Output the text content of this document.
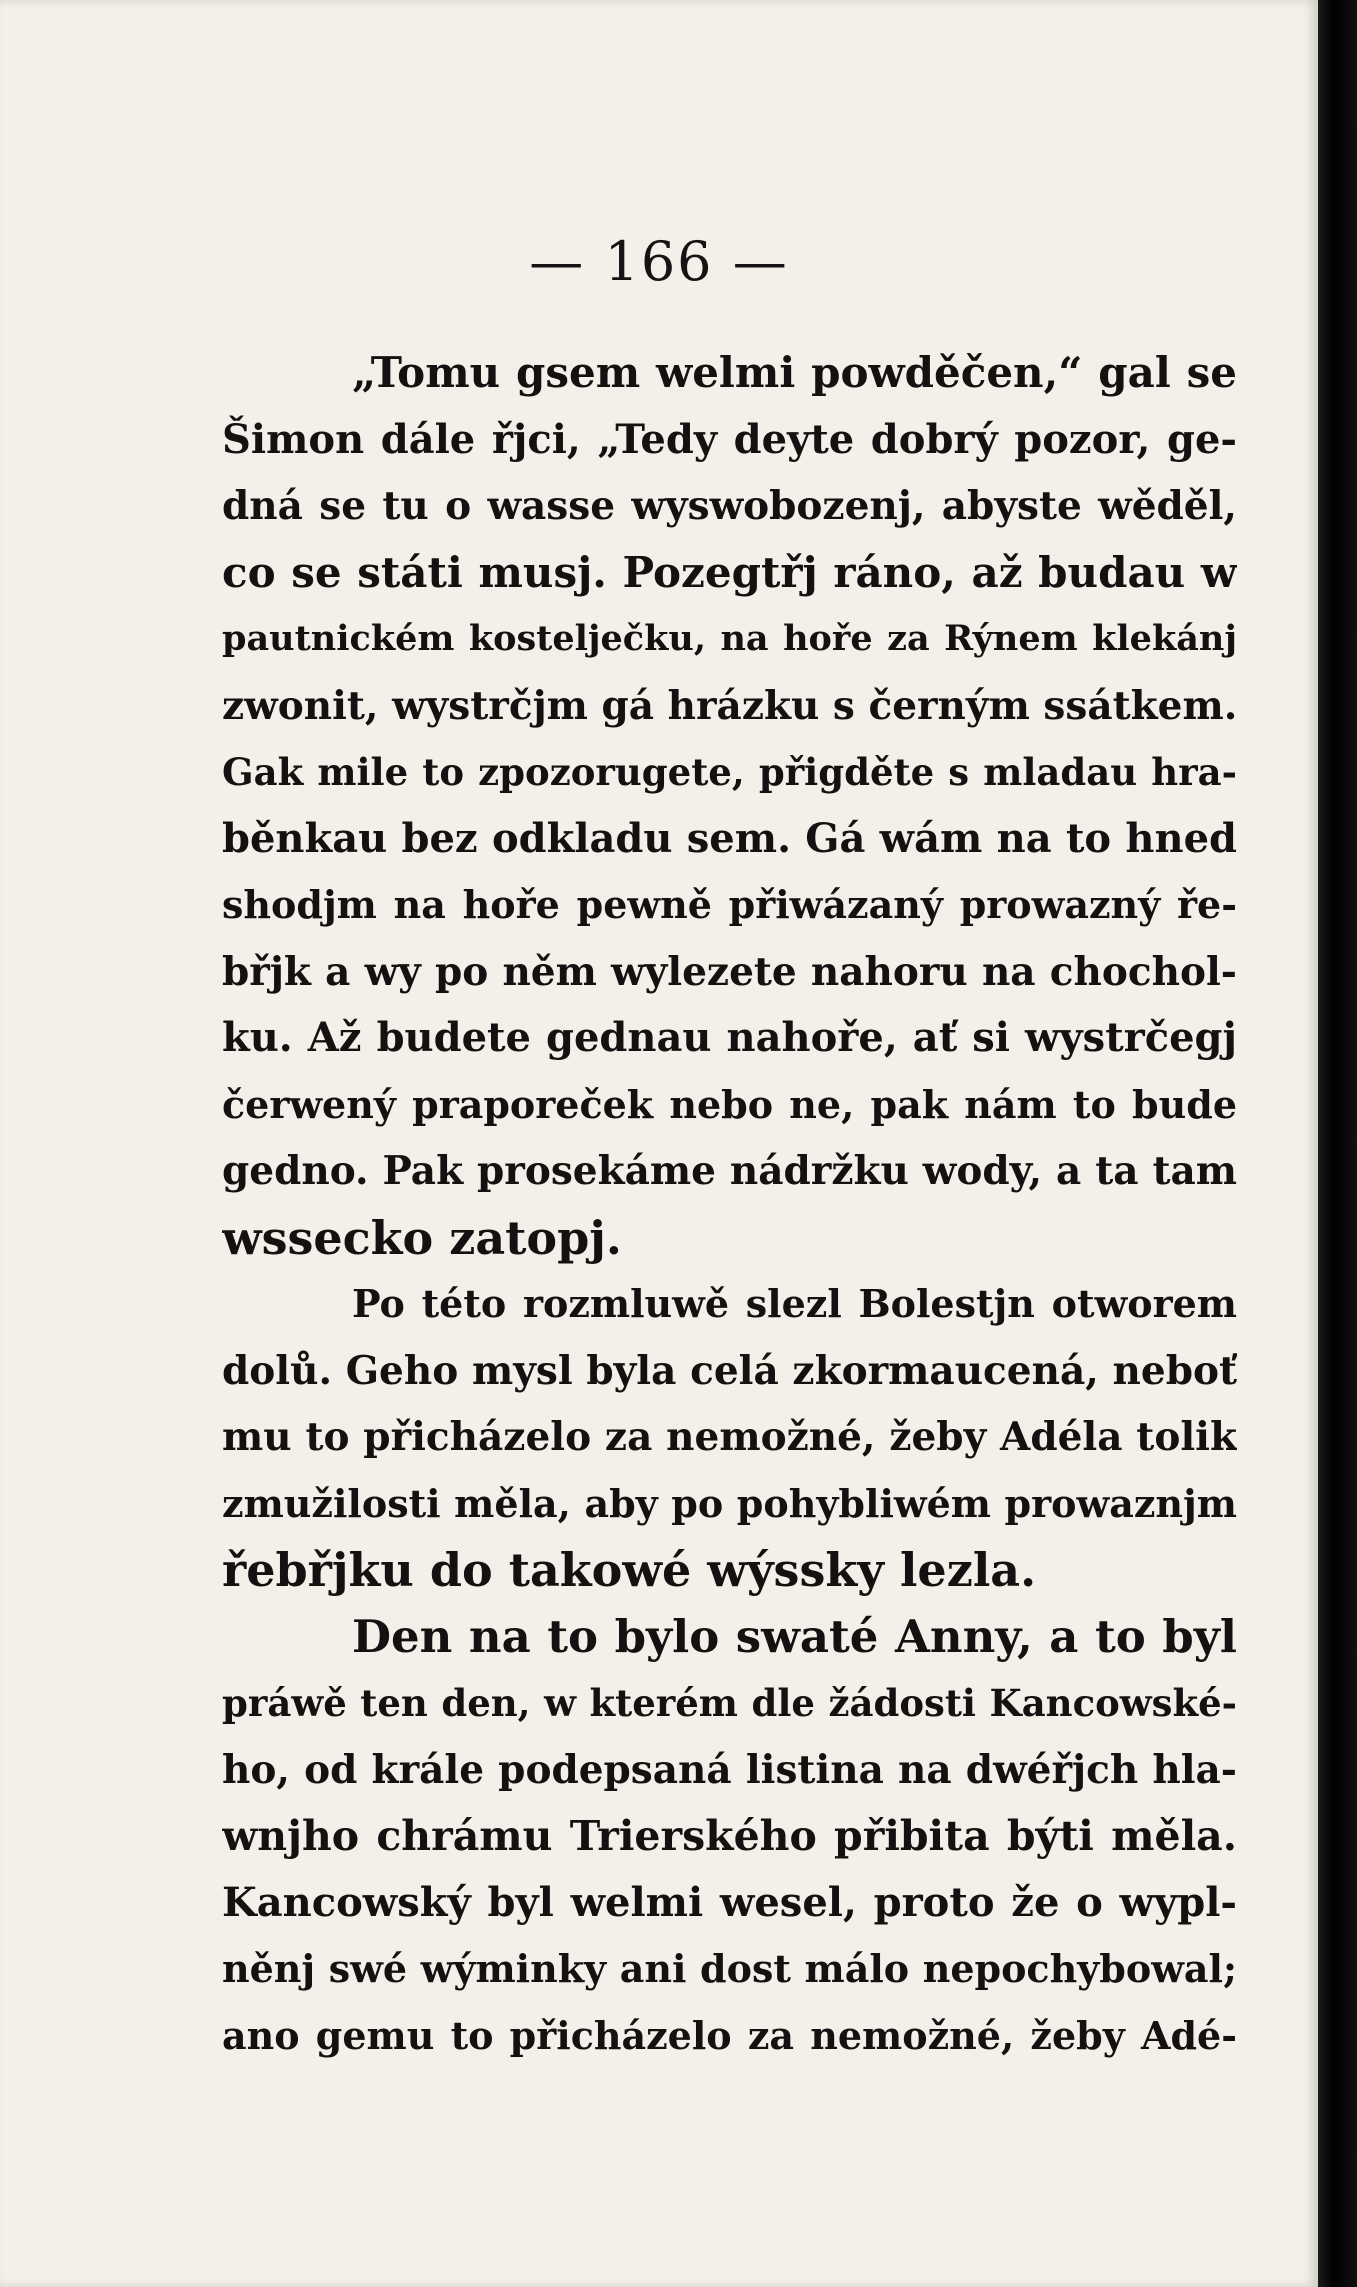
— 166 —
„Tomu gsem welmi powděčen,“ gal se
Šimon dále řjci, „Tedy deyte dobrý pozor, ge-
dná se tu o wasse wyswobozenj, abyste wěděl,
co se státi musj. Pozegtřj ráno, až budau w
pautnickém kostelječku, na hoře za Rýnem klekánj
zwonit, wystrčjm gá hrázku s černým ssátkem.
Gak mile to zpozorugete, přigděte s mladau hra-
běnkau bez odkladu sem. Gá wám na to hned
shodjm na hoře pewně přiwázaný prowazný ře-
břjk a wy po něm wylezete nahoru na chochol-
ku. Až budete gednau nahoře, ať si wystrčegj
čerwený praporeček nebo ne, pak nám to bude
gedno. Pak prosekáme nádržku wody, a ta tam
wssecko zatopj.
Po této rozmluwě slezl Bolestjn otworem
dolů. Geho mysl byla celá zkormaucená, neboť
mu to přicházelo za nemožné, žeby Adéla tolik
zmužilosti měla, aby po pohybliwém prowaznjm
řebřjku do takowé wýssky lezla.
Den na to bylo swaté Anny, a to byl
práwě ten den, w kterém dle žádosti Kancowské-
ho, od krále podepsaná listina na dwéřjch hla-
wnjho chrámu Trierského přibita býti měla.
Kancowský byl welmi wesel, proto že o wypl-
něnj swé wýminky ani dost málo nepochybowal;
ano gemu to přicházelo za nemožné, žeby Adé-
